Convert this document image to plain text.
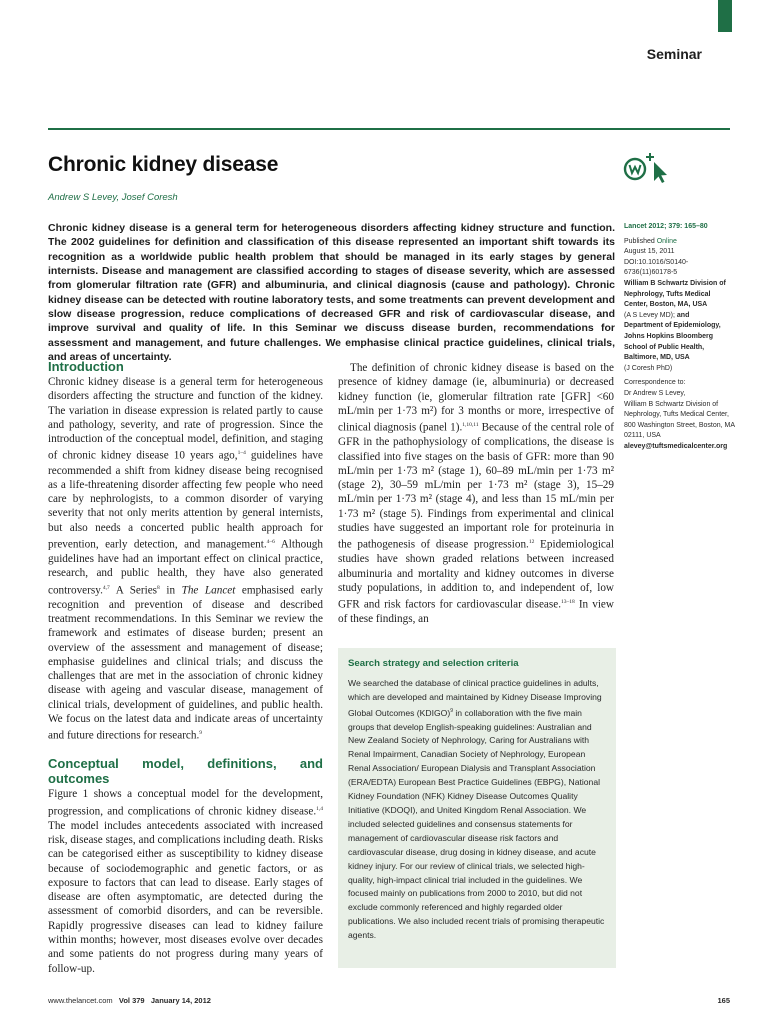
Seminar
Chronic kidney disease
Andrew S Levey, Josef Coresh

Chronic kidney disease is a general term for heterogeneous disorders affecting kidney structure and function. The 2002 guidelines for definition and classification of this disease represented an important shift towards its recognition as a worldwide public health problem that should be managed in its early stages by general internists. Disease and management are classified according to stages of disease severity, which are assessed from glomerular filtration rate (GFR) and albuminuria, and clinical diagnosis (cause and pathology). Chronic kidney disease can be detected with routine laboratory tests, and some treatments can prevent development and slow disease progression, reduce complications of decreased GFR and risk of cardiovascular disease, and improve survival and quality of life. In this Seminar we discuss disease burden, recommendations for assessment and management, and future challenges. We emphasise clinical practice guidelines, clinical trials, and areas of uncertainty.

Lancet 2012; 379: 165–80
Published Online
August 15, 2011
DOI:10.1016/S0140-6736(11)60178-5
William B Schwartz Division of Nephrology, Tufts Medical Center, Boston, MA, USA
(A S Levey MD); and
Department of Epidemiology, Johns Hopkins Bloomberg School of Public Health, Baltimore, MD, USA
(J Coresh PhD)
Correspondence to:
Dr Andrew S Levey,
William B Schwartz Division of Nephrology, Tufts Medical Center, 800 Washington Street, Boston, MA 02111, USA
alevey@tuftsmedicalcenter.org
Introduction

Chronic kidney disease is a general term for heterogeneous disorders affecting the structure and function of the kidney. The variation in disease expression is related partly to cause and pathology, severity, and rate of progression. Since the introduction of the conceptual model, definition, and staging of chronic kidney disease 10 years ago,$^{1-4}$ guidelines have recommended a shift from kidney disease being recognised as a life-threatening disorder affecting few people who need care by nephrologists, to a common disorder of varying severity that not only merits attention by general internists, but also needs a concerted public health approach for prevention, early detection, and management.$^{4-6}$ Although guidelines have had an important effect on clinical practice, research, and public health, they have also generated controversy.$^{4,7}$ A Series$^8$ in The Lancet emphasised early recognition and prevention of disease and described treatment recommendations. In this Seminar we review the framework and estimates of disease burden; present an overview of the assessment and management of disease; emphasise guidelines and clinical trials; and discuss the challenges that are met in the association of chronic kidney disease with ageing and vascular disease, management of clinical trials, development of guidelines, and public health. We focus on the latest data and indicate areas of uncertainty and future directions for research.$^9$

Conceptual model, definitions, and outcomes

Figure 1 shows a conceptual model for the development, progression, and complications of chronic kidney disease.$^{1,4}$ The model includes antecedents associated with increased risk, disease stages, and complications including death. Risks can be categorised either as susceptibility to kidney disease because of sociodemographic and genetic factors, or as exposure to factors that can lead to disease. Early stages of disease are often asymptomatic, are detected during the assessment of comorbid disorders, and can be reversible. Rapidly progressive diseases can lead to kidney failure within months; however, most diseases evolve over decades and some patients do not progress during many years of follow-up.

The definition of chronic kidney disease is based on the presence of kidney damage (ie, albuminuria) or decreased kidney function (ie, glomerular filtration rate [GFR] <60 mL/min per 1·73 m²) for 3 months or more, irrespective of clinical diagnosis (panel 1).$^{1,10,11}$ Because of the central role of GFR in the pathophysiology of complications, the disease is classified into five stages on the basis of GFR: more than 90 mL/min per 1·73 m² (stage 1), 60–89 mL/min per 1·73 m² (stage 2), 30–59 mL/min per 1·73 m² (stage 3), 15–29 mL/min per 1·73 m² (stage 4), and less than 15 mL/min per 1·73 m² (stage 5). Findings from experimental and clinical studies have suggested an important role for proteinuria in the pathogenesis of disease progression.$^{12}$ Epidemiological studies have shown graded relations between increased albuminuria and mortality and kidney outcomes in diverse study populations, in addition to, and independent of, low GFR and risk factors for cardiovascular disease.$^{13-18}$ In view of these findings, an

Search strategy and selection criteria

We searched the database of clinical practice guidelines in adults, which are developed and maintained by Kidney Disease Improving Global Outcomes (KDIGO)$^9$ in collaboration with the five main groups that develop English-speaking guidelines: Australian and New Zealand Society of Nephrology, Caring for Australians with Renal Impairment, Canadian Society of Nephrology, European Renal Association/ European Dialysis and Transplant Association (ERA/EDTA) European Best Practice Guidelines (EBPG), National Kidney Foundation (NFK) Kidney Disease Outcomes Quality Initiative (KDOQI), and United Kingdom Renal Association. We included selected guidelines and consensus statements for management of cardiovascular disease risk factors and cardiovascular disease, drug dosing in kidney disease, and acute kidney injury. For our review of clinical trials, we selected high-quality, high-impact clinical trial included in the guidelines. We focused mainly on publications from 2000 to 2010, but did not exclude commonly referenced and highly regarded older publications. We also included recent trials of promising therapeutic agents.

www.thelancet.com Vol 379 January 14, 2012	165
